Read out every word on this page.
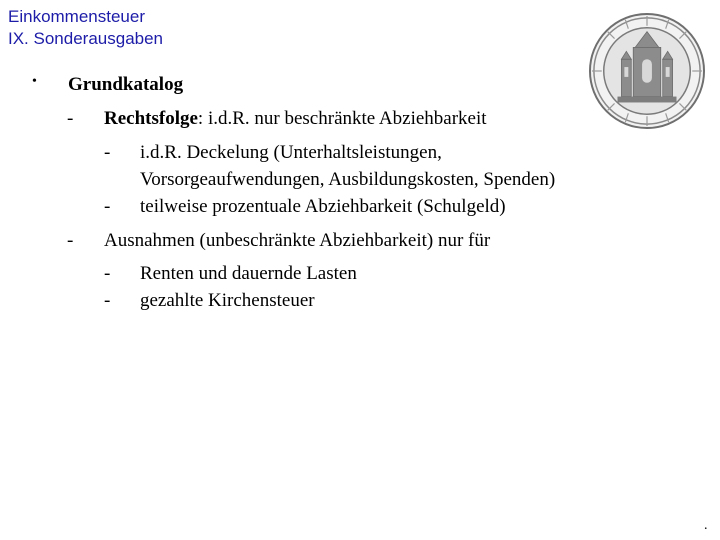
Einkommensteuer
IX. Sonderausgaben
• Grundkatalog
- Rechtsfolge: i.d.R. nur beschränkte Abziehbarkeit
- i.d.R. Deckelung (Unterhaltsleistungen,
Vorsorgeaufwendungen, Ausbildungskosten, Spenden)
- teilweise prozentuale Abziehbarkeit (Schulgeld)
- Ausnahmen (unbeschränkte Abziehbarkeit) nur für
- Renten und dauernde Lasten
- gezahlte Kirchensteuer
.
